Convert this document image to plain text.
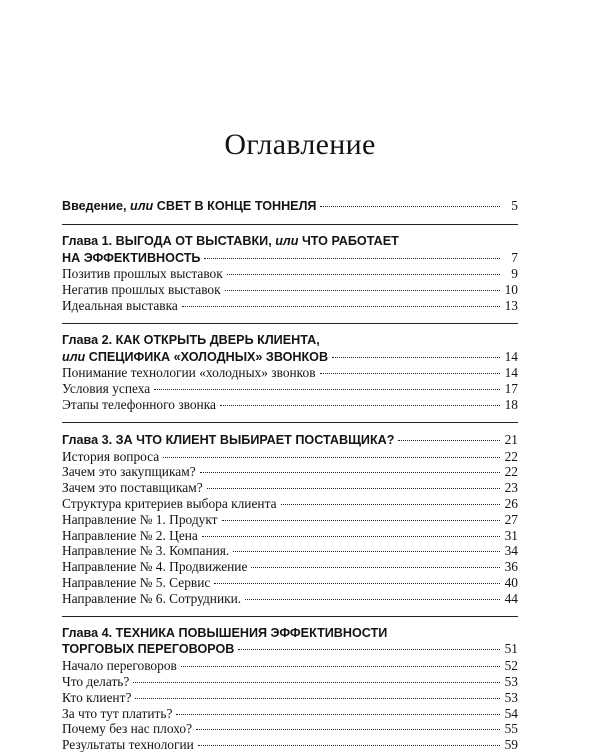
Оглавление
Введение, или СВЕТ В КОНЦЕ ТОННЕЛЯ	5
Глава 1. ВЫГОДА ОТ ВЫСТАВКИ, или ЧТО РАБОТАЕТ
НА ЭФФЕКТИВНОСТЬ	7
Позитив прошлых выставок	9
Негатив прошлых выставок	10
Идеальная выставка	13
Глава 2. КАК ОТКРЫТЬ ДВЕРЬ КЛИЕНТА,
или СПЕЦИФИКА «ХОЛОДНЫХ» ЗВОНКОВ	14
Понимание технологии «холодных» звонков	14
Условия успеха	17
Этапы телефонного звонка	18
Глава 3. ЗА ЧТО КЛИЕНТ ВЫБИРАЕТ ПОСТАВЩИКА?	21
История вопроса	22
Зачем это закупщикам?	22
Зачем это поставщикам?	23
Структура критериев выбора клиента	26
Направление № 1. Продукт	27
Направление № 2. Цена	31
Направление № 3. Компания.	34
Направление № 4. Продвижение	36
Направление № 5. Сервис	40
Направление № 6. Сотрудники.	44
Глава 4. ТЕХНИКА ПОВЫШЕНИЯ ЭФФЕКТИВНОСТИ
ТОРГОВЫХ ПЕРЕГОВОРОВ	51
Начало переговоров	52
Что делать?	53
Кто клиент?	53
За что тут платить?	54
Почему без нас плохо?	55
Результаты технологии	59
